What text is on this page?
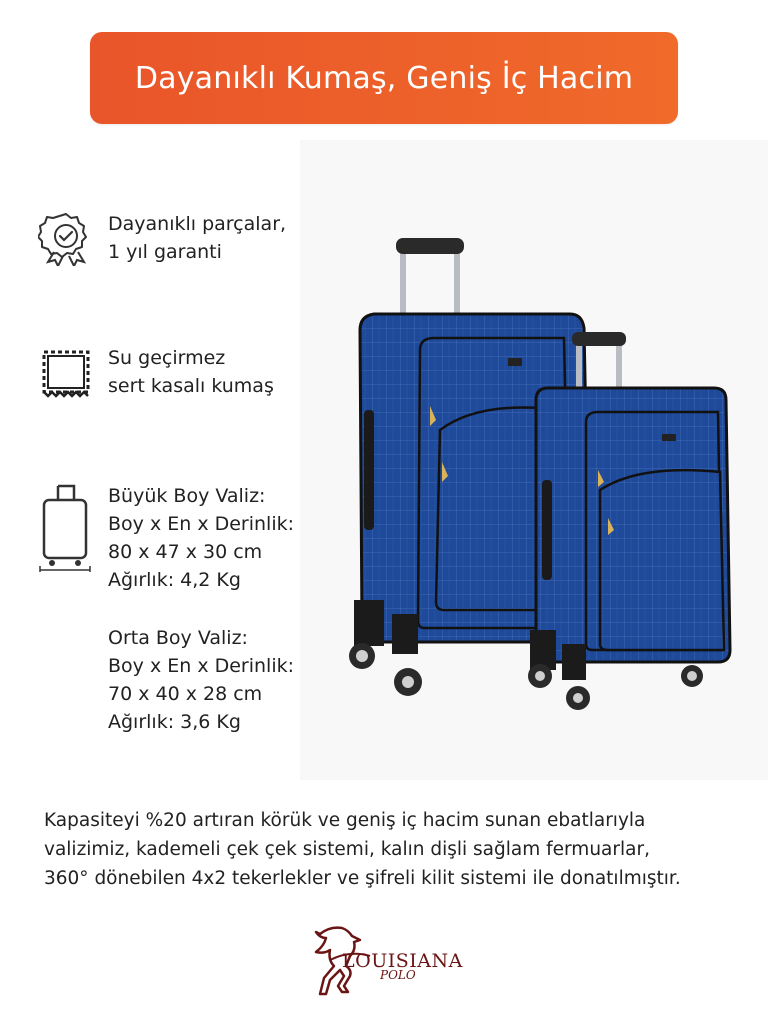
Dayanıklı Kumaş, Geniş İç Hacim
Dayanıklı parçalar,
1 yıl garanti
Su geçirmez
sert kasalı kumaş
Büyük Boy Valiz:
Boy x En x Derinlik:
80 x 47 x 30 cm
Ağırlık: 4,2 Kg
Orta Boy Valiz:
Boy x En x Derinlik:
70 x 40 x 28 cm
Ağırlık: 3,6 Kg
Kapasiteyi %20 artıran körük ve geniş iç hacim sunan ebatlarıyla
valizimiz, kademeli çek çek sistemi, kalın dişli sağlam fermuarlar,
360° dönebilen 4x2 tekerlekler ve şifreli kilit sistemi ile donatılmıştır.
LOUISIANA
POLO
